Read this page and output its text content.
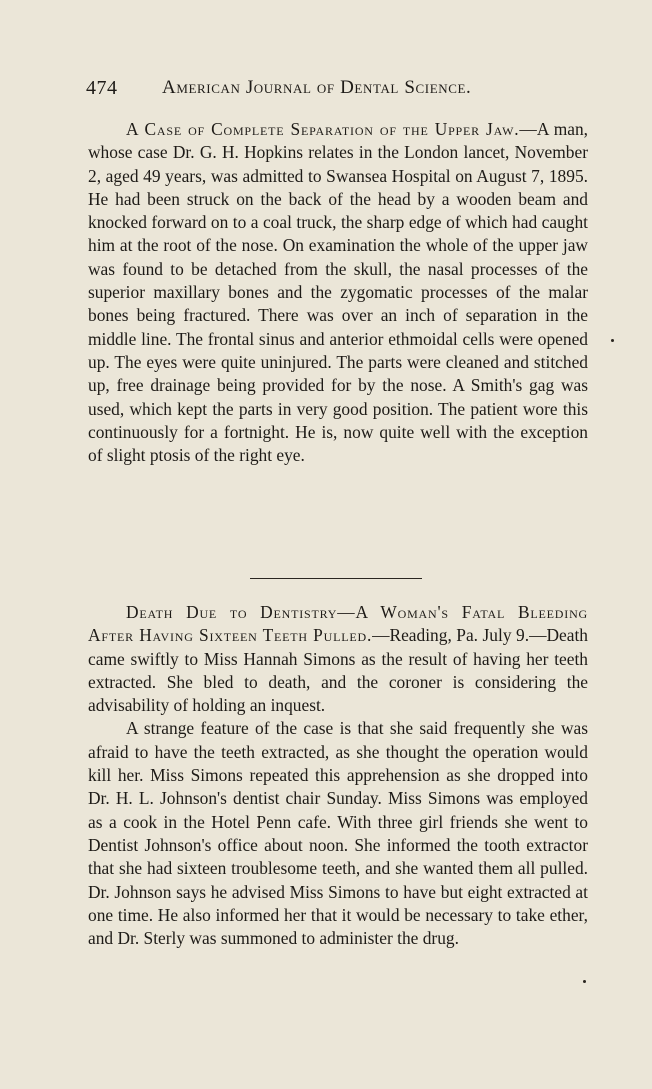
474 American Journal of Dental Science.

A Case of Complete Separation of the Upper Jaw.—A man, whose case Dr. G. H. Hopkins relates in the London lancet, November 2, aged 49 years, was admitted to Swansea Hospital on August 7, 1895. He had been struck on the back of the head by a wooden beam and knocked forward on to a coal truck, the sharp edge of which had caught him at the root of the nose. On examination the whole of the upper jaw was found to be detached from the skull, the nasal processes of the superior maxillary bones and the zygomatic processes of the malar bones being fractured. There was over an inch of separation in the middle line. The frontal sinus and anterior ethmoidal cells were opened up. The eyes were quite uninjured. The parts were cleaned and stitched up, free drainage being provided for by the nose. A Smith's gag was used, which kept the parts in very good position. The patient wore this continuously for a fortnight. He is, now quite well with the exception of slight ptosis of the right eye.

Death Due to Dentistry—A Woman's Fatal Bleeding After Having Sixteen Teeth Pulled.—Reading, Pa. July 9.—Death came swiftly to Miss Hannah Simons as the result of having her teeth extracted. She bled to death, and the coroner is considering the advisability of holding an inquest.

A strange feature of the case is that she said frequently she was afraid to have the teeth extracted, as she thought the operation would kill her. Miss Simons repeated this apprehension as she dropped into Dr. H. L. Johnson's dentist chair Sunday. Miss Simons was employed as a cook in the Hotel Penn cafe. With three girl friends she went to Dentist Johnson's office about noon. She informed the tooth extractor that she had sixteen troublesome teeth, and she wanted them all pulled. Dr. Johnson says he advised Miss Simons to have but eight extracted at one time. He also informed her that it would be necessary to take ether, and Dr. Sterly was summoned to administer the drug.
